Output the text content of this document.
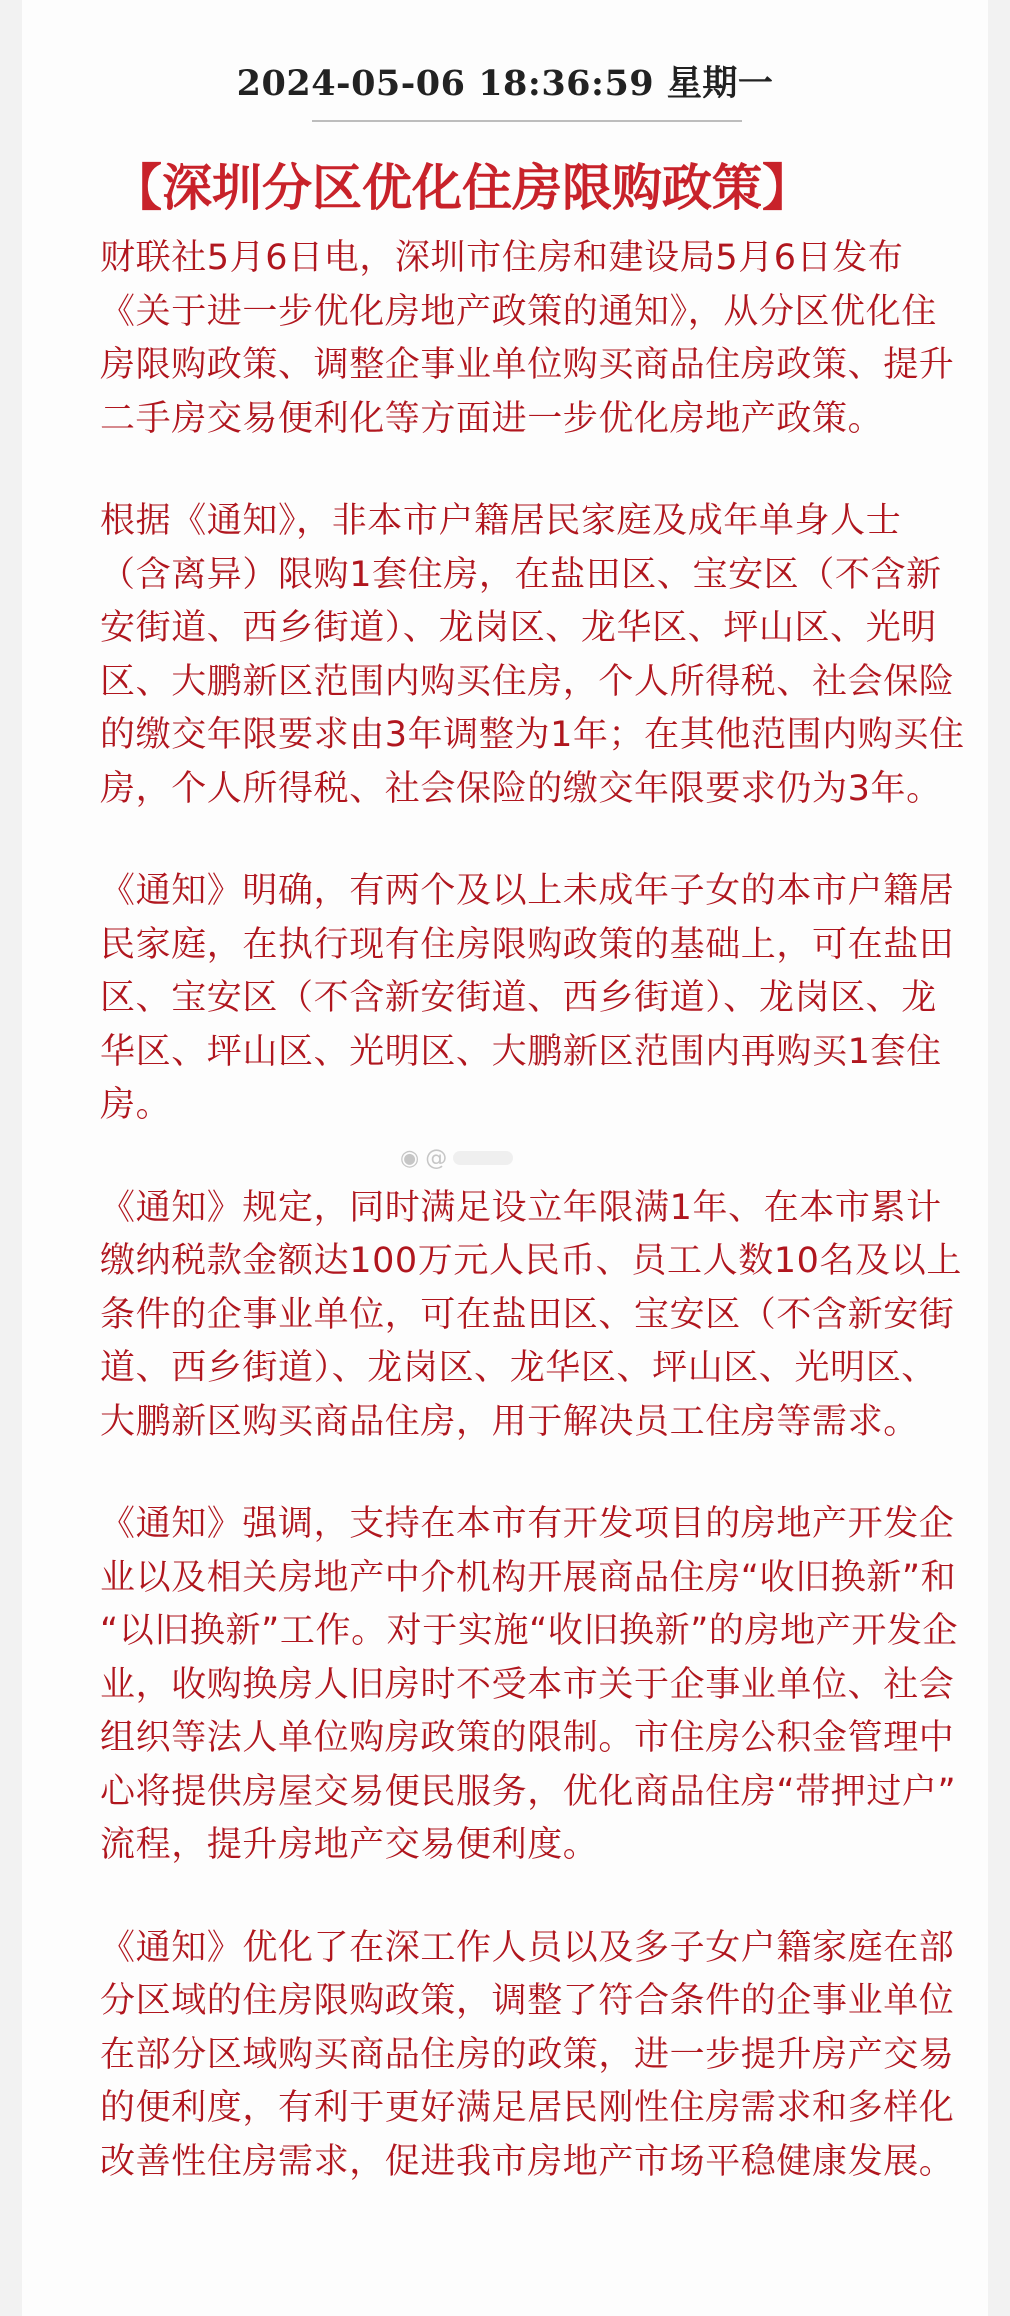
2024-05-06 18:36:59 星期一
【深圳分区优化住房限购政策】
财联社5月6日电，深圳市住房和建设局5月6日发布
《关于进一步优化房地产政策的通知》，从分区优化住
房限购政策、调整企事业单位购买商品住房政策、提升
二手房交易便利化等方面进一步优化房地产政策。
根据《通知》，非本市户籍居民家庭及成年单身人士
（含离异）限购1套住房，在盐田区、宝安区（不含新
安街道、西乡街道）、龙岗区、龙华区、坪山区、光明
区、大鹏新区范围内购买住房，个人所得税、社会保险
的缴交年限要求由3年调整为1年；在其他范围内购买住
房，个人所得税、社会保险的缴交年限要求仍为3年。
《通知》明确，有两个及以上未成年子女的本市户籍居
民家庭，在执行现有住房限购政策的基础上，可在盐田
区、宝安区（不含新安街道、西乡街道）、龙岗区、龙
华区、坪山区、光明区、大鹏新区范围内再购买1套住
房。
《通知》规定，同时满足设立年限满1年、在本市累计
缴纳税款金额达100万元人民币、员工人数10名及以上
条件的企事业单位，可在盐田区、宝安区（不含新安街
道、西乡街道）、龙岗区、龙华区、坪山区、光明区、
大鹏新区购买商品住房，用于解决员工住房等需求。
《通知》强调，支持在本市有开发项目的房地产开发企
业以及相关房地产中介机构开展商品住房“收旧换新”和
“以旧换新”工作。对于实施“收旧换新”的房地产开发企
业，收购换房人旧房时不受本市关于企事业单位、社会
组织等法人单位购房政策的限制。市住房公积金管理中
心将提供房屋交易便民服务，优化商品住房“带押过户”
流程，提升房地产交易便利度。
《通知》优化了在深工作人员以及多子女户籍家庭在部
分区域的住房限购政策，调整了符合条件的企事业单位
在部分区域购买商品住房的政策，进一步提升房产交易
的便利度，有利于更好满足居民刚性住房需求和多样化
改善性住房需求，促进我市房地产市场平稳健康发展。
◉ @
